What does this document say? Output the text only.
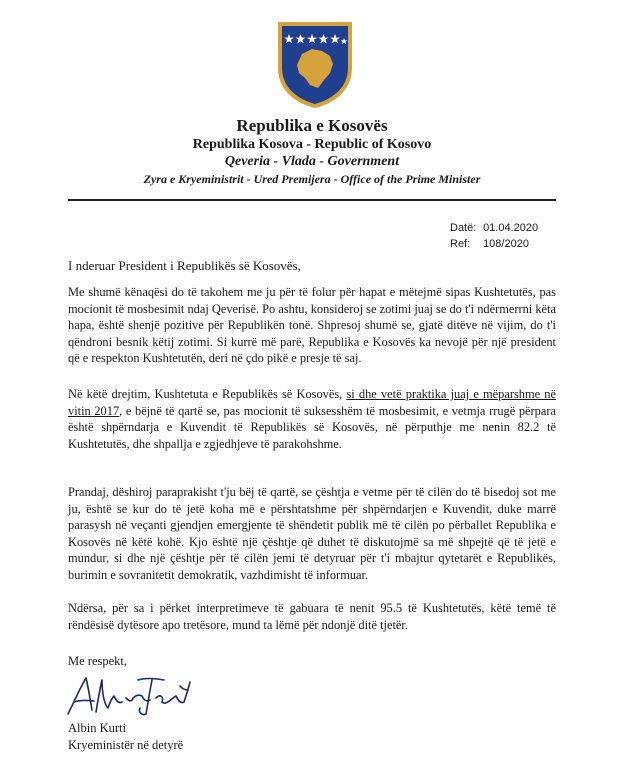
Republika e Kosovës
Republika Kosova - Republic of Kosovo
Qeveria - Vlada - Government
Zyra e Kryeministrit - Ured Premijera - Office of the Prime Minister
Datë: 01.04.2020
Ref: 108/2020
I nderuar President i Republikës së Kosovës,

Me shumë kënaqësi do të takohem me ju për të folur për hapat e mëtejmë sipas Kushtetutës, pas mocionit të mosbesimit ndaj Qeverisë. Po ashtu, konsideroj se zotimi juaj se do t'i ndërmerrni këta hapa, është shenjë pozitive për Republikën tonë. Shpresoj shumë se, gjatë ditëve në vijim, do t'i qëndroni besnik këtij zotimi. Si kurrë më parë, Republika e Kosovës ka nevojë për një president që e respekton Kushtetutën, deri në çdo pikë e presje të saj.

Në këtë drejtim, Kushtetuta e Republikës së Kosovës, si dhe vetë praktika juaj e mëparshme në vitin 2017, e bëjnë të qartë se, pas mocionit të suksesshëm të mosbesimit, e vetmja rrugë përpara është shpërndarja e Kuvendit të Republikës së Kosovës, në përputhje me nenin 82.2 të Kushtetutës, dhe shpallja e zgjedhjeve të parakohshme.

Prandaj, dëshiroj paraprakisht t'ju bëj të qartë, se çështja e vetme për të cilën do të bisedoj sot me ju, është se kur do të jetë koha më e përshtatshme për shpërndarjen e Kuvendit, duke marrë parasysh në veçanti gjendjen emergjente të shëndetit publik më të cilën po përballet Republika e Kosovës në këtë kohë. Kjo është një çështje që duhet të diskutojmë sa më shpejtë që të jetë e mundur, si dhe një çështje për të cilën jemi të detyruar për t'i mbajtur qytetarët e Republikës, burimin e sovranitetit demokratik, vazhdimisht të informuar.

Ndërsa, për sa i përket interpretimeve të gabuara të nenit 95.5 të Kushtetutës, këtë temë të rëndësisë dytësore apo tretësore, mund ta lëmë për ndonjë ditë tjetër.

Me respekt,
Albin Kurti
Kryeministër në detyrë
